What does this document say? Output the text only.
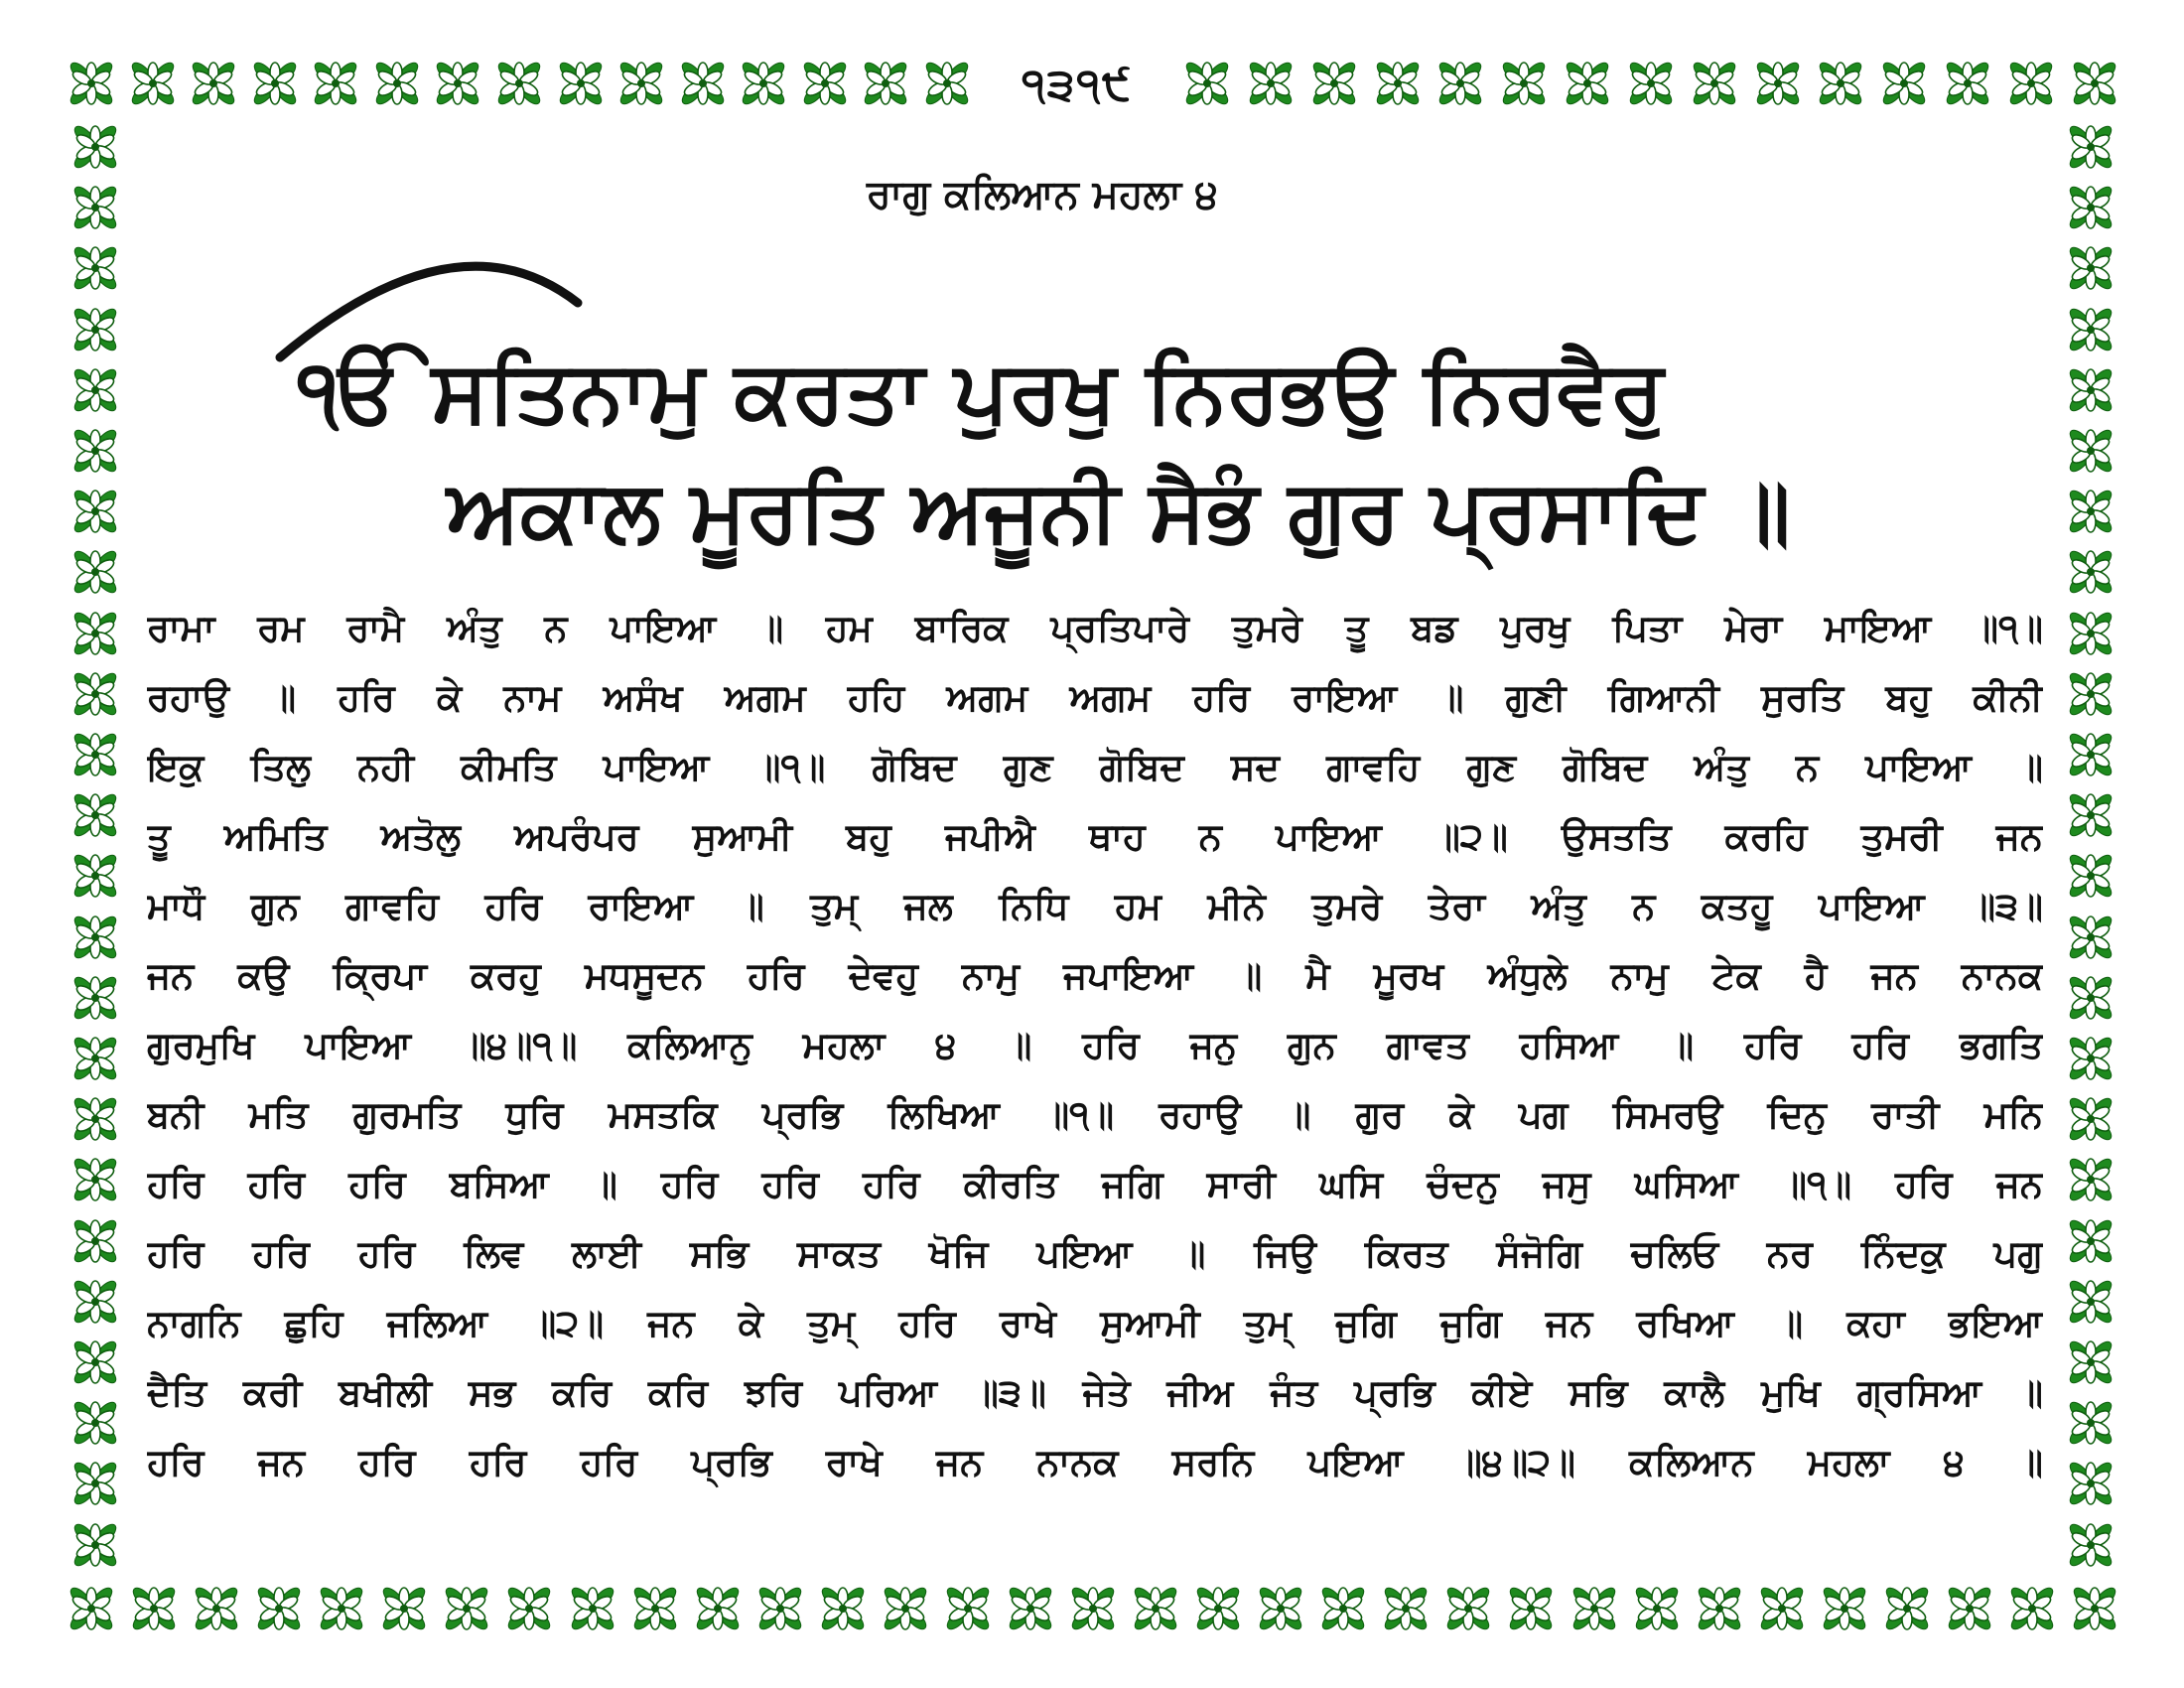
੧੩੧੯
ਰਾਗੁ ਕਲਿਆਨ ਮਹਲਾ ੪
ੴ ਸਤਿਨਾਮੁ ਕਰਤਾ ਪੁਰਖੁ ਨਿਰਭਉ ਨਿਰਵੈਰੁ
ਅਕਾਲ ਮੂਰਤਿ ਅਜੂਨੀ ਸੈਭੰ ਗੁਰ ਪ੍ਰਸਾਦਿ ॥
ਰਾਮਾ ਰਮ ਰਾਮੈ ਅੰਤੁ ਨ ਪਾਇਆ ॥ ਹਮ ਬਾਰਿਕ ਪ੍ਰਤਿਪਾਰੇ ਤੁਮਰੇ ਤੂ ਬਡ ਪੁਰਖੁ ਪਿਤਾ ਮੇਰਾ ਮਾਇਆ ॥੧॥
ਰਹਾਉ ॥ ਹਰਿ ਕੇ ਨਾਮ ਅਸੰਖ ਅਗਮ ਹਹਿ ਅਗਮ ਅਗਮ ਹਰਿ ਰਾਇਆ ॥ ਗੁਣੀ ਗਿਆਨੀ ਸੁਰਤਿ ਬਹੁ ਕੀਨੀ
ਇਕੁ ਤਿਲੁ ਨਹੀ ਕੀਮਤਿ ਪਾਇਆ ॥੧॥ ਗੋਬਿਦ ਗੁਣ ਗੋਬਿਦ ਸਦ ਗਾਵਹਿ ਗੁਣ ਗੋਬਿਦ ਅੰਤੁ ਨ ਪਾਇਆ ॥
ਤੂ ਅਮਿਤਿ ਅਤੋਲੁ ਅਪਰੰਪਰ ਸੁਆਮੀ ਬਹੁ ਜਪੀਐ ਥਾਹ ਨ ਪਾਇਆ ॥੨॥ ਉਸਤਤਿ ਕਰਹਿ ਤੁਮਰੀ ਜਨ
ਮਾਧੌ ਗੁਨ ਗਾਵਹਿ ਹਰਿ ਰਾਇਆ ॥ ਤੁਮ੍ ਜਲ ਨਿਧਿ ਹਮ ਮੀਨੇ ਤੁਮਰੇ ਤੇਰਾ ਅੰਤੁ ਨ ਕਤਹੂ ਪਾਇਆ ॥੩॥
ਜਨ ਕਉ ਕ੍ਰਿਪਾ ਕਰਹੁ ਮਧਸੂਦਨ ਹਰਿ ਦੇਵਹੁ ਨਾਮੁ ਜਪਾਇਆ ॥ ਮੈ ਮੂਰਖ ਅੰਧੁਲੇ ਨਾਮੁ ਟੇਕ ਹੈ ਜਨ ਨਾਨਕ
ਗੁਰਮੁਖਿ ਪਾਇਆ ॥੪॥੧॥ ਕਲਿਆਨੁ ਮਹਲਾ ੪ ॥ ਹਰਿ ਜਨੁ ਗੁਨ ਗਾਵਤ ਹਸਿਆ ॥ ਹਰਿ ਹਰਿ ਭਗਤਿ
ਬਨੀ ਮਤਿ ਗੁਰਮਤਿ ਧੁਰਿ ਮਸਤਕਿ ਪ੍ਰਭਿ ਲਿਖਿਆ ॥੧॥ ਰਹਾਉ ॥ ਗੁਰ ਕੇ ਪਗ ਸਿਮਰਉ ਦਿਨੁ ਰਾਤੀ ਮਨਿ
ਹਰਿ ਹਰਿ ਹਰਿ ਬਸਿਆ ॥ ਹਰਿ ਹਰਿ ਹਰਿ ਕੀਰਤਿ ਜਗਿ ਸਾਰੀ ਘਸਿ ਚੰਦਨੁ ਜਸੁ ਘਸਿਆ ॥੧॥ ਹਰਿ ਜਨ
ਹਰਿ ਹਰਿ ਹਰਿ ਲਿਵ ਲਾਈ ਸਭਿ ਸਾਕਤ ਖੋਜਿ ਪਇਆ ॥ ਜਿਉ ਕਿਰਤ ਸੰਜੋਗਿ ਚਲਿਓ ਨਰ ਨਿੰਦਕੁ ਪਗੁ
ਨਾਗਨਿ ਛੁਹਿ ਜਲਿਆ ॥੨॥ ਜਨ ਕੇ ਤੁਮ੍ ਹਰਿ ਰਾਖੇ ਸੁਆਮੀ ਤੁਮ੍ ਜੁਗਿ ਜੁਗਿ ਜਨ ਰਖਿਆ ॥ ਕਹਾ ਭਇਆ
ਦੈਤਿ ਕਰੀ ਬਖੀਲੀ ਸਭ ਕਰਿ ਕਰਿ ਝਰਿ ਪਰਿਆ ॥੩॥ ਜੇਤੇ ਜੀਅ ਜੰਤ ਪ੍ਰਭਿ ਕੀਏ ਸਭਿ ਕਾਲੈ ਮੁਖਿ ਗ੍ਰਸਿਆ ॥
ਹਰਿ ਜਨ ਹਰਿ ਹਰਿ ਹਰਿ ਪ੍ਰਭਿ ਰਾਖੇ ਜਨ ਨਾਨਕ ਸਰਨਿ ਪਇਆ ॥੪॥੨॥ ਕਲਿਆਨ ਮਹਲਾ ੪ ॥
